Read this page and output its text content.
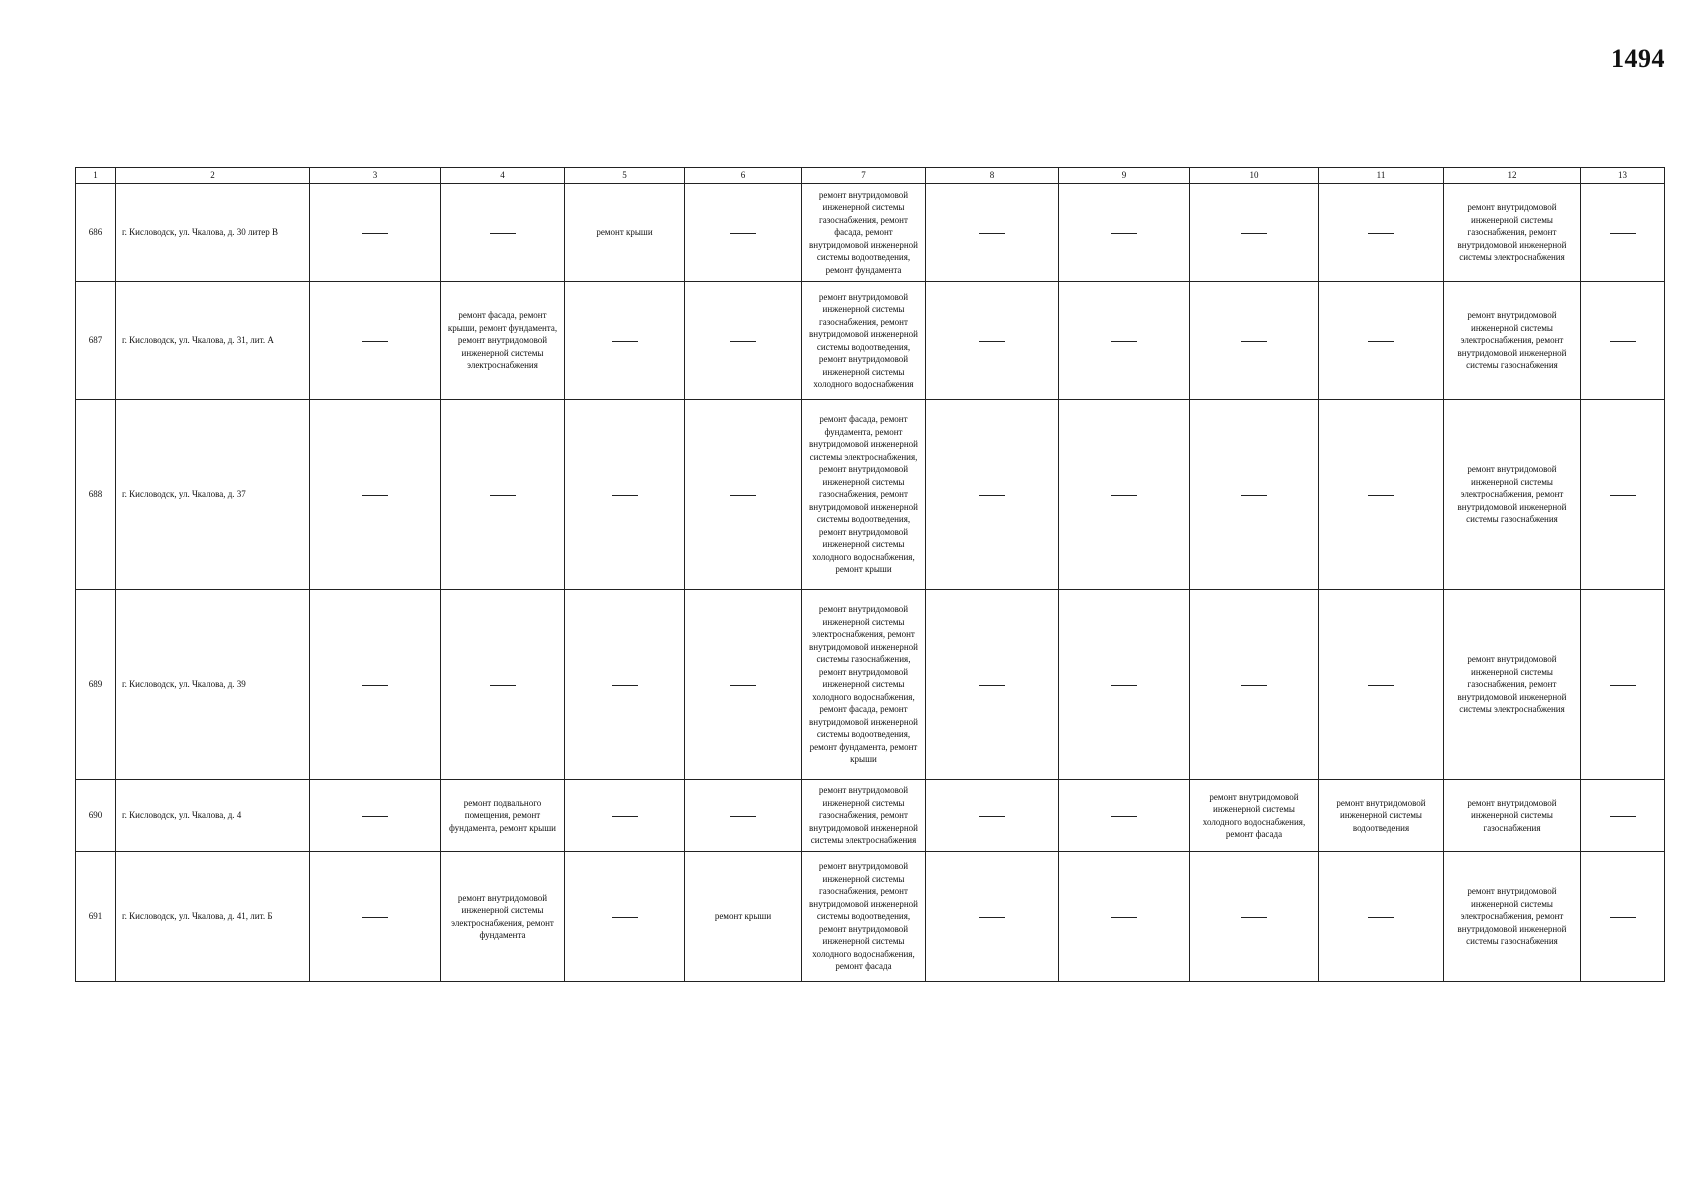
1494
1	2	3	4	5	6	7	8	9	10	11	12	13
686	г. Кисловодск, ул. Чкалова, д. 30 литер В			ремонт крыши		ремонт внутридомовой инженерной системы газоснабжения, ремонт фасада, ремонт внутридомовой инженерной системы водоотведения, ремонт фундамента					ремонт внутридомовой инженерной системы газоснабжения, ремонт внутридомовой инженерной системы электроснабжения	
687	г. Кисловодск, ул. Чкалова, д. 31, лит. А		ремонт фасада, ремонт крыши, ремонт фундамента, ремонт внутридомовой инженерной системы электроснабжения			ремонт внутридомовой инженерной системы газоснабжения, ремонт внутридомовой инженерной системы водоотведения, ремонт внутридомовой инженерной системы холодного водоснабжения					ремонт внутридомовой инженерной системы электроснабжения, ремонт внутридомовой инженерной системы газоснабжения	
688	г. Кисловодск, ул. Чкалова, д. 37					ремонт фасада, ремонт фундамента, ремонт внутридомовой инженерной системы электроснабжения, ремонт внутридомовой инженерной системы газоснабжения, ремонт внутридомовой инженерной системы водоотведения, ремонт внутридомовой инженерной системы холодного водоснабжения, ремонт крыши					ремонт внутридомовой инженерной системы электроснабжения, ремонт внутридомовой инженерной системы газоснабжения	
689	г. Кисловодск, ул. Чкалова, д. 39					ремонт внутридомовой инженерной системы электроснабжения, ремонт внутридомовой инженерной системы газоснабжения, ремонт внутридомовой инженерной системы холодного водоснабжения, ремонт фасада, ремонт внутридомовой инженерной системы водоотведения, ремонт фундамента, ремонт крыши					ремонт внутридомовой инженерной системы газоснабжения, ремонт внутридомовой инженерной системы электроснабжения	
690	г. Кисловодск, ул. Чкалова, д. 4		ремонт подвального помещения, ремонт фундамента, ремонт крыши			ремонт внутридомовой инженерной системы газоснабжения, ремонт внутридомовой инженерной системы электроснабжения			ремонт внутридомовой инженерной системы холодного водоснабжения, ремонт фасада	ремонт внутридомовой инженерной системы водоотведения	ремонт внутридомовой инженерной системы газоснабжения	
691	г. Кисловодск, ул. Чкалова, д. 41, лит. Б		ремонт внутридомовой инженерной системы электроснабжения, ремонт фундамента		ремонт крыши	ремонт внутридомовой инженерной системы газоснабжения, ремонт внутридомовой инженерной системы водоотведения, ремонт внутридомовой инженерной системы холодного водоснабжения, ремонт фасада					ремонт внутридомовой инженерной системы электроснабжения, ремонт внутридомовой инженерной системы газоснабжения	
